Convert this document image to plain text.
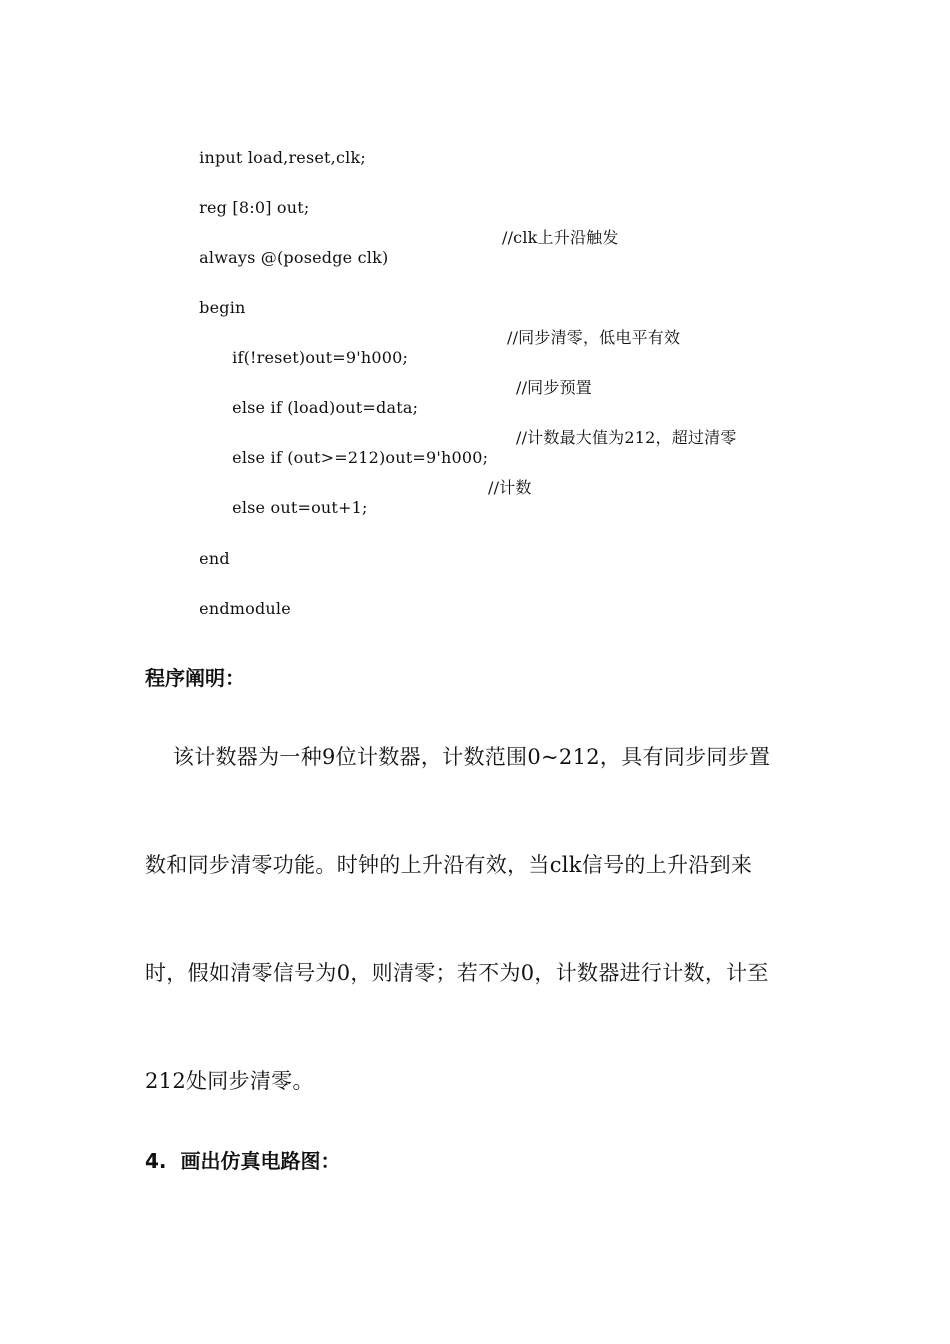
input load,reset,clk;

reg [8:0] out;

always @(posedge clk)

//clk上升沿触发

begin

if(!reset)out=9'h000;

//同步清零，低电平有效

else if (load)out=data;

//同步预置

else if (out>=212)out=9'h000;

//计数最大值为212，超过清零

else out=out+1;

//计数

end

endmodule

程序阐明：
该计数器为一种9位计数器，计数范围0~212，具有同步同步置
数和同步清零功能。时钟的上升沿有效，当clk信号的上升沿到来
时，假如清零信号为0，则清零；若不为0，计数器进行计数，计至
212处同步清零。
4.  画出仿真电路图：
